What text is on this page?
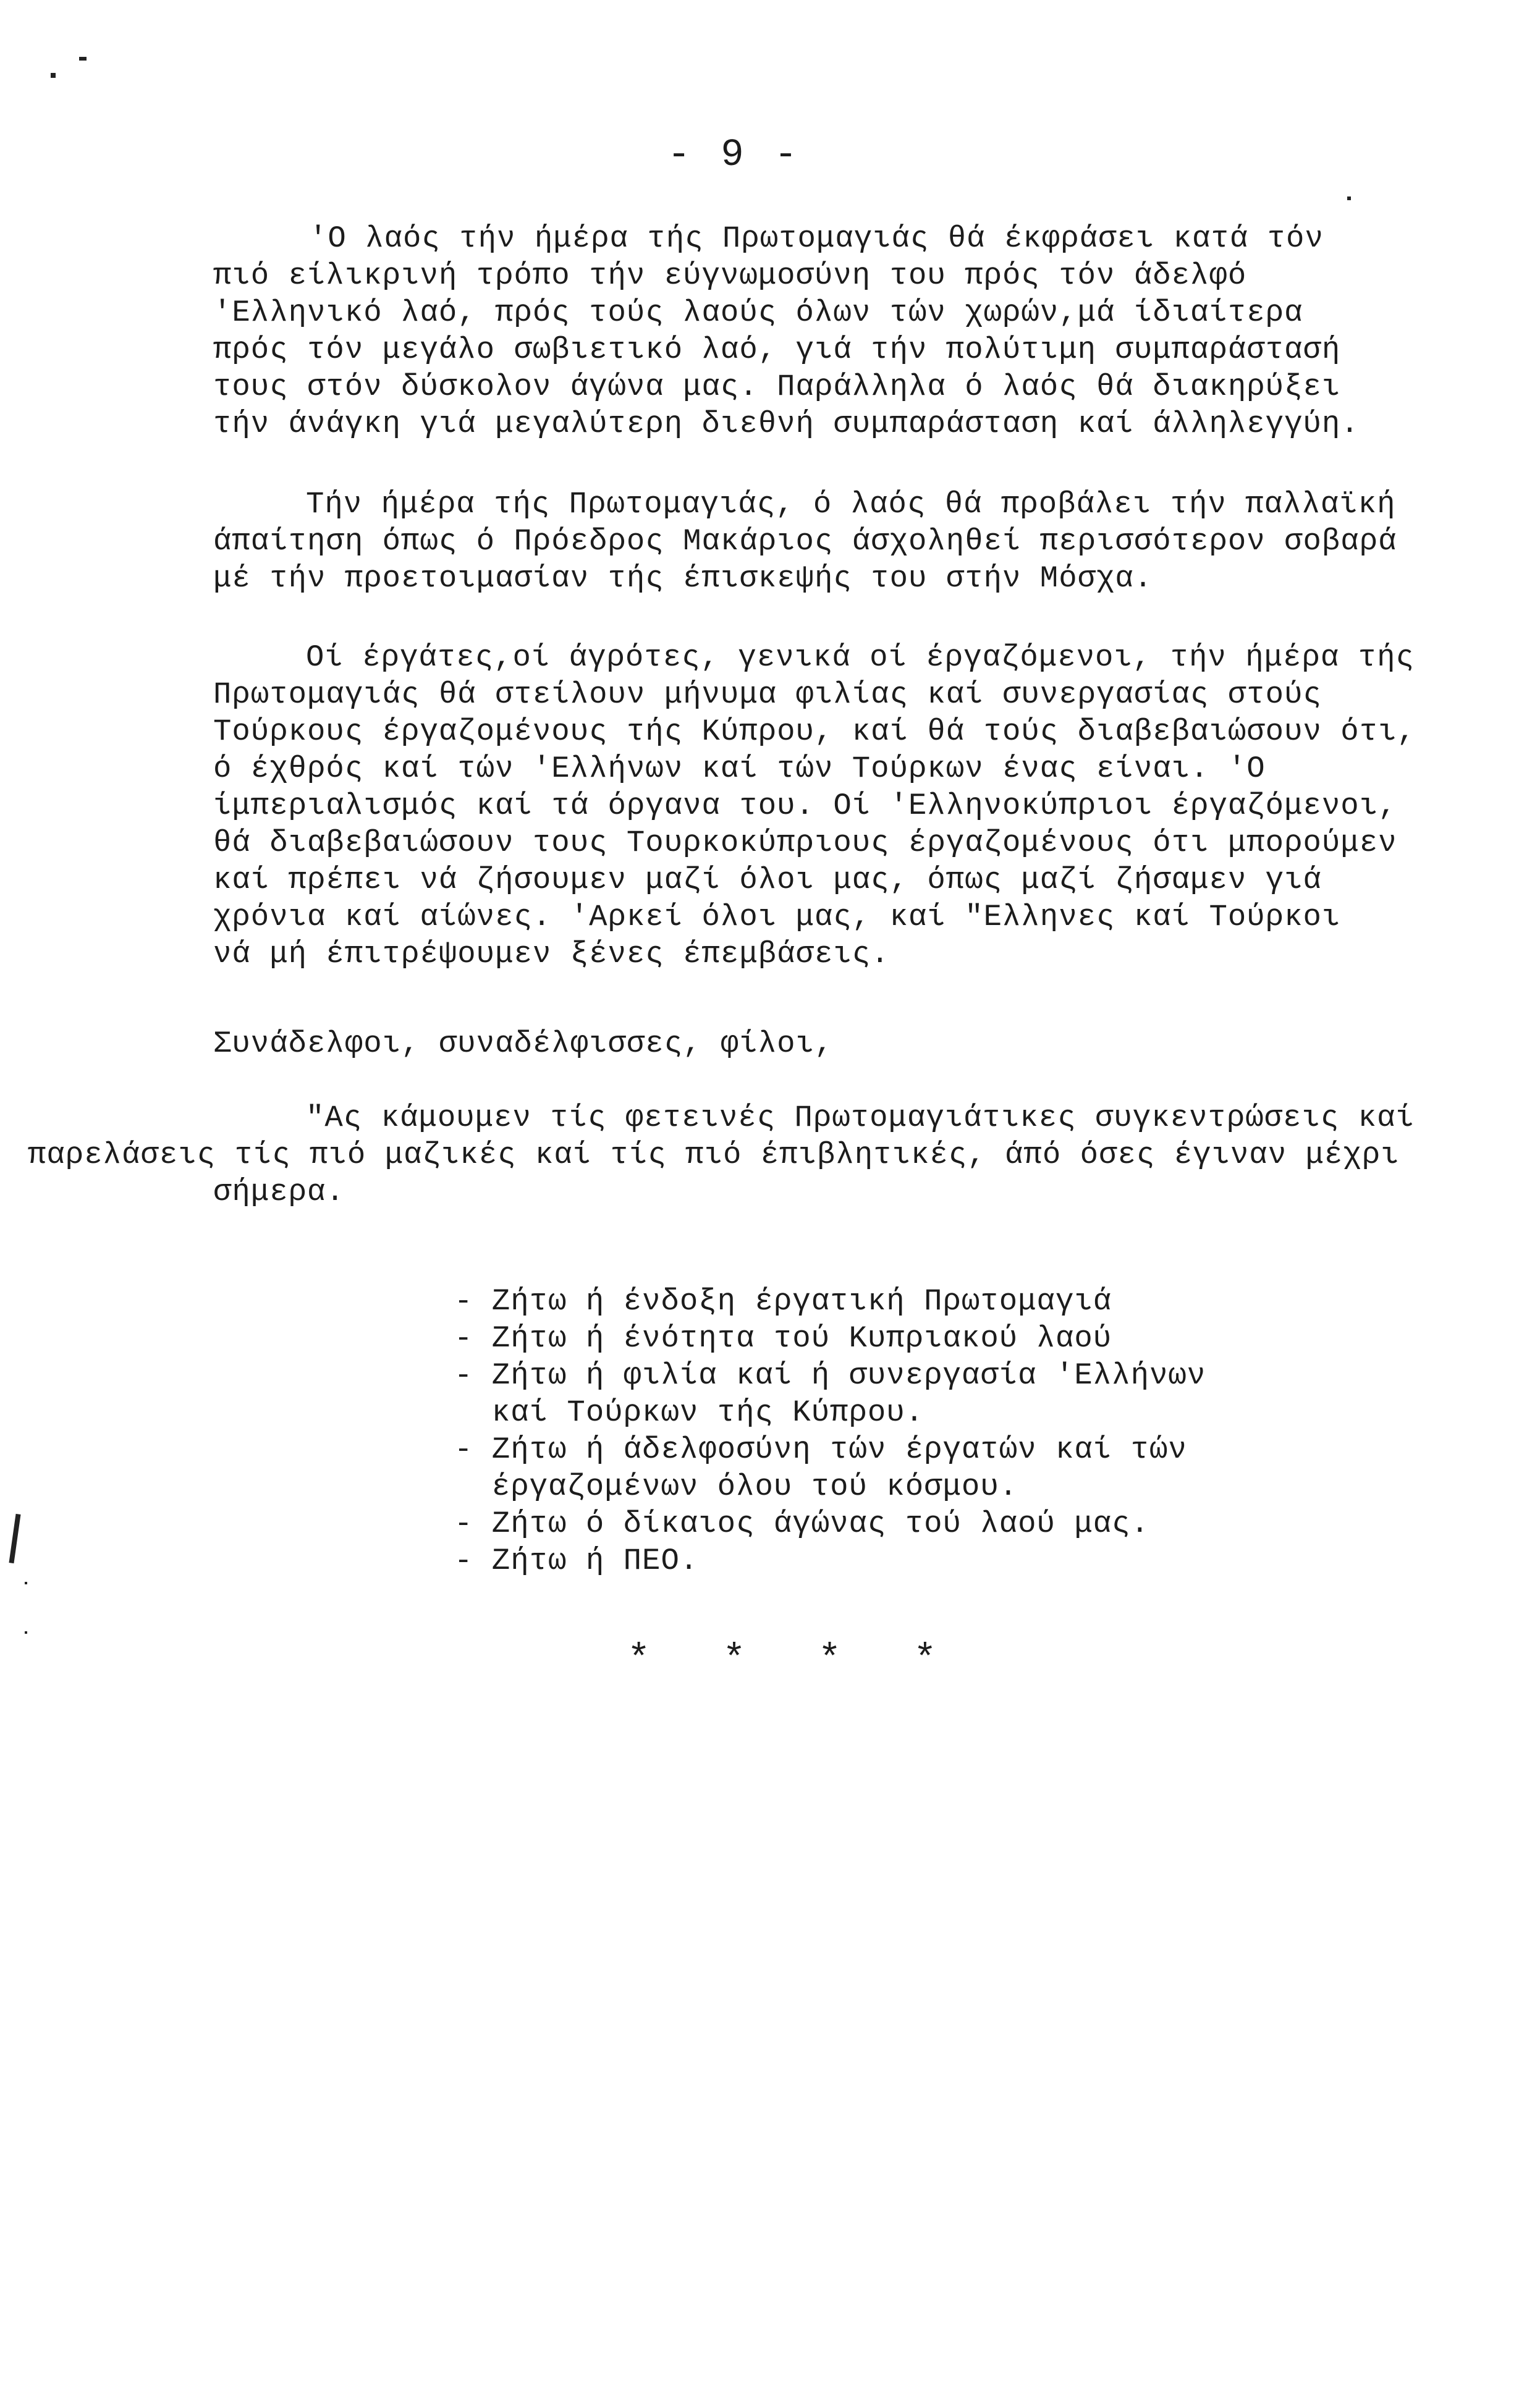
- 9 -
'Ο λαός τήν ήμέρα τής Πρωτομαγιάς θά έκφράσει κατά τόν
πιό είλικρινή τρόπο τήν εύγνωμοσύνη του πρός τόν άδελφό
'Ελληνικό λαό, πρός τούς λαούς όλων τών χωρών,μά ίδιαίτερα
πρός τόν μεγάλο σωβιετικό λαό, γιά τήν πολύτιμη συμπαράστασή
τους στόν δύσκολον άγώνα μας. Παράλληλα ό λαός θά διακηρύξει
τήν άνάγκη γιά μεγαλύτερη διεθνή συμπαράσταση καί άλληλεγγύη.
Τήν ήμέρα τής Πρωτομαγιάς, ό λαός θά προβάλει τήν παλλαϊκή
άπαίτηση όπως ό Πρόεδρος Μακάριος άσχοληθεί περισσότερον σοβαρά
μέ τήν προετοιμασίαν τής έπισκεψής του στήν Μόσχα.
Οί έργάτες,οί άγρότες, γενικά οί έργαζόμενοι, τήν ήμέρα τής
Πρωτομαγιάς θά στείλουν μήνυμα φιλίας καί συνεργασίας στούς
Τούρκους έργαζομένους τής Κύπρου, καί θά τούς διαβεβαιώσουν ότι,
ό έχθρός καί τών 'Ελλήνων καί τών Τούρκων ένας είναι. 'Ο
ίμπεριαλισμός καί τά όργανα του. Οί 'Ελληνοκύπριοι έργαζόμενοι,
θά διαβεβαιώσουν τους Τουρκοκύπριους έργαζομένους ότι μπορούμεν
καί πρέπει νά ζήσουμεν μαζί όλοι μας, όπως μαζί ζήσαμεν γιά
χρόνια καί αίώνες. 'Αρκεί όλοι μας, καί "Ελληνες καί Τούρκοι
νά μή έπιτρέψουμεν ξένες έπεμβάσεις.
Συνάδελφοι, συναδέλφισσες, φίλοι,
"Ας κάμουμεν τίς φετεινές Πρωτομαγιάτικες συγκεντρώσεις καί
παρελάσεις τίς πιό μαζικές καί τίς πιό έπιβλητικές, άπό όσες έγιναν μέχρι
σήμερα.
- Ζήτω ή ένδοξη έργατική Πρωτομαγιά
- Ζήτω ή ένότητα τού Κυπριακού λαού
- Ζήτω ή φιλία καί ή συνεργασία 'Ελλήνων
καί Τούρκων τής Κύπρου.
- Ζήτω ή άδελφοσύνη τών έργατών καί τών
έργαζομένων όλου τού κόσμου.
- Ζήτω ό δίκαιος άγώνας τού λαού μας.
- Ζήτω ή ΠΕΟ.
* * * *
